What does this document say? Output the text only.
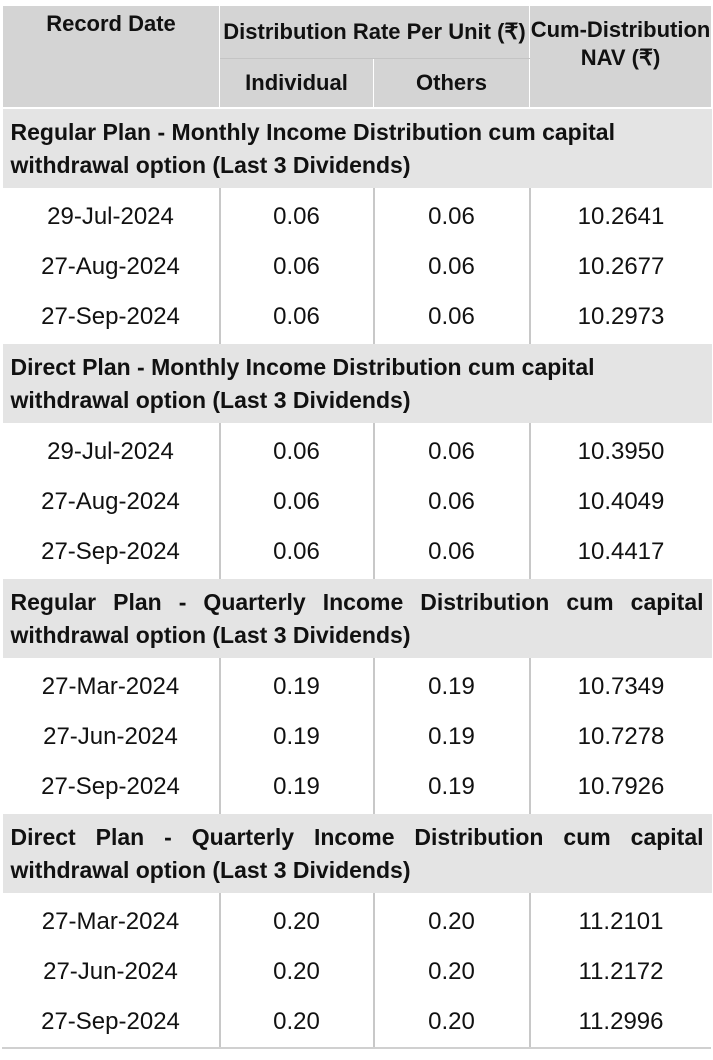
Record Date	Distribution Rate Per Unit (₹)		Cum-Distribution
NAV (₹)

	Individual	Others	
Regular Plan - Monthly Income Distribution cum capital withdrawal option (Last 3 Dividends)			
29-Jul-2024	0.06	0.06	10.2641
27-Aug-2024	0.06	0.06	10.2677
27-Sep-2024	0.06	0.06	10.2973
Direct Plan - Monthly Income Distribution cum capital withdrawal option (Last 3 Dividends)			
29-Jul-2024	0.06	0.06	10.3950
27-Aug-2024	0.06	0.06	10.4049
27-Sep-2024	0.06	0.06	10.4417
Regular Plan - Quarterly Income Distribution cum capital withdrawal option (Last 3 Dividends)			
27-Mar-2024	0.19	0.19	10.7349
27-Jun-2024	0.19	0.19	10.7278
27-Sep-2024	0.19	0.19	10.7926
Direct Plan - Quarterly Income Distribution cum capital withdrawal option (Last 3 Dividends)			
27-Mar-2024	0.20	0.20	11.2101
27-Jun-2024	0.20	0.20	11.2172
27-Sep-2024	0.20	0.20	11.2996
